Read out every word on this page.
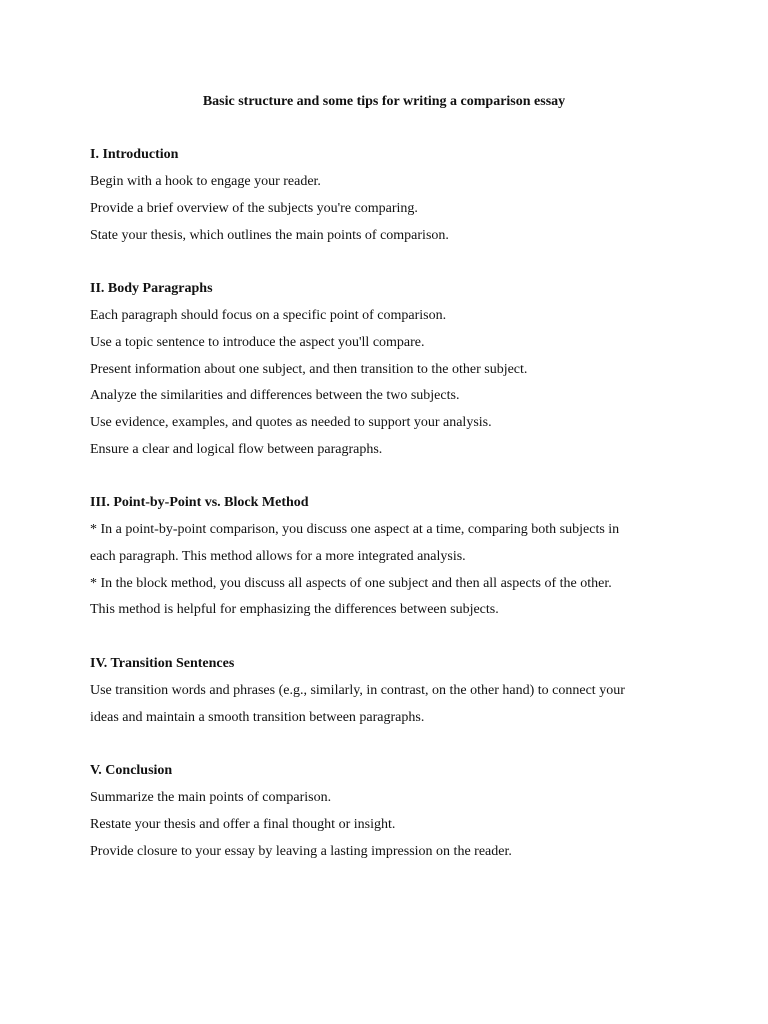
Basic structure and some tips for writing a comparison essay
I. Introduction

Begin with a hook to engage your reader.

Provide a brief overview of the subjects you're comparing.

State your thesis, which outlines the main points of comparison.

II. Body Paragraphs

Each paragraph should focus on a specific point of comparison.

Use a topic sentence to introduce the aspect you'll compare.

Present information about one subject, and then transition to the other subject.

Analyze the similarities and differences between the two subjects.

Use evidence, examples, and quotes as needed to support your analysis.

Ensure a clear and logical flow between paragraphs.

III. Point-by-Point vs. Block Method

* In a point-by-point comparison, you discuss one aspect at a time, comparing both subjects in

each paragraph. This method allows for a more integrated analysis.

* In the block method, you discuss all aspects of one subject and then all aspects of the other.

This method is helpful for emphasizing the differences between subjects.

IV. Transition Sentences

Use transition words and phrases (e.g., similarly, in contrast, on the other hand) to connect your

ideas and maintain a smooth transition between paragraphs.

V. Conclusion

Summarize the main points of comparison.

Restate your thesis and offer a final thought or insight.

Provide closure to your essay by leaving a lasting impression on the reader.
